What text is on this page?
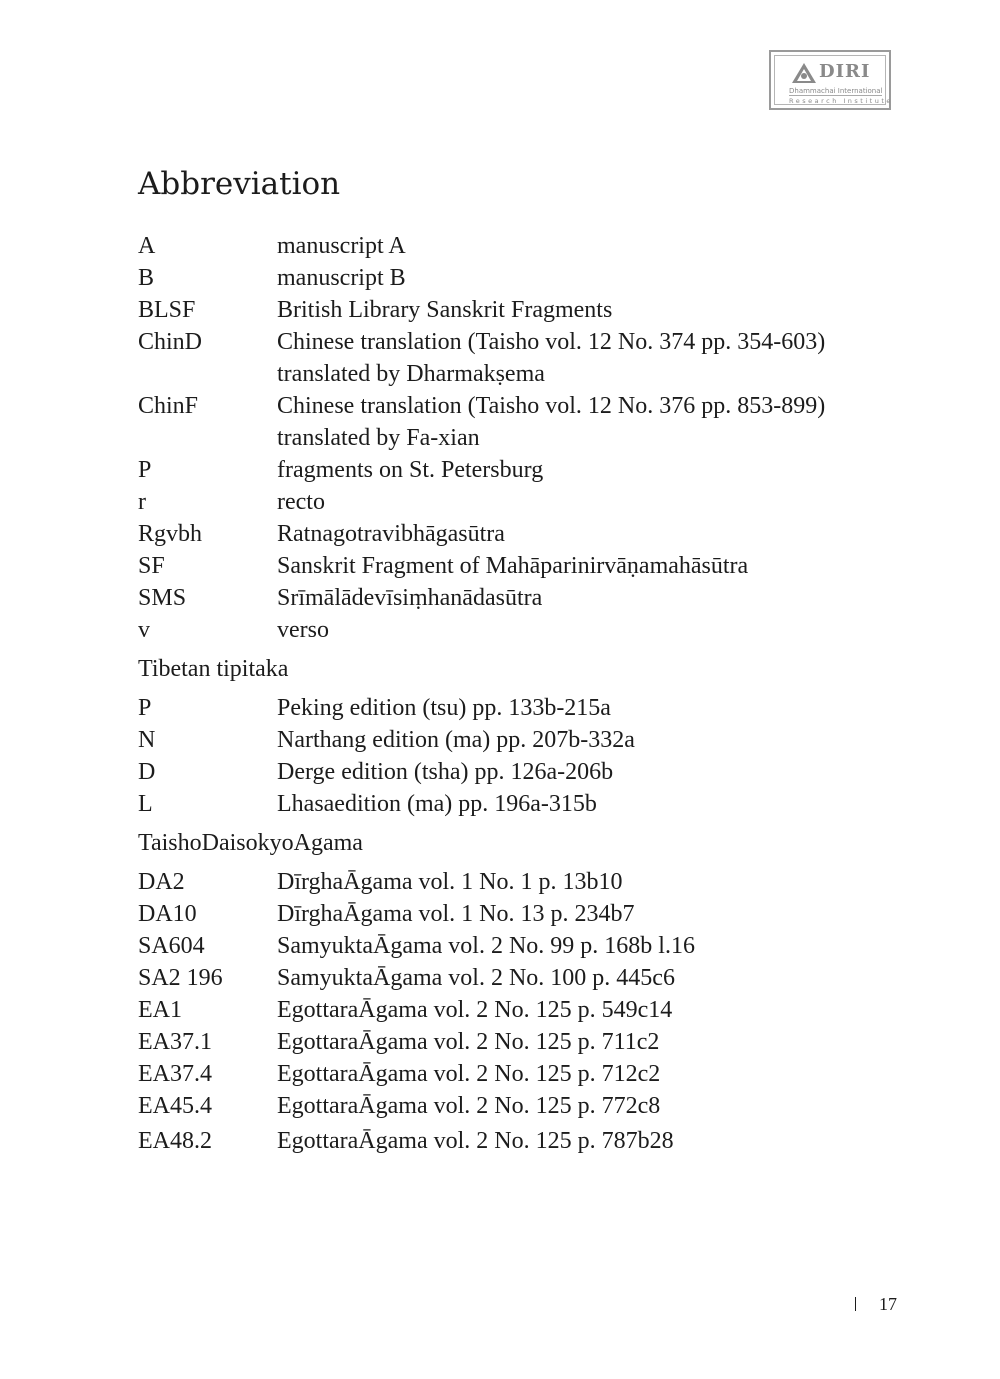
DIRI
Dhammachai International
Research Institute
Abbreviation
A	manuscript A
B	manuscript B
BLSF	British Library Sanskrit Fragments
ChinD	Chinese translation (Taisho vol. 12 No. 374 pp. 354-603)
translated by Dharmakṣema
ChinF	Chinese translation (Taisho vol. 12 No. 376 pp. 853-899)
translated by Fa-xian
P	fragments on St. Petersburg
r	recto
Rgvbh	Ratnagotravibhāgasūtra
SF	Sanskrit Fragment of Mahāparinirvāṇamahāsūtra
SMS	Srīmālādevīsiṃhanādasūtra
v	verso
Tibetan tipitaka
P	Peking edition (tsu) pp. 133b-215a
N	Narthang edition (ma) pp. 207b-332a
D	Derge edition (tsha) pp. 126a-206b
L	Lhasaedition (ma) pp. 196a-315b
TaishoDaisokyoAgama
DA2	DīrghaĀgama vol. 1 No. 1 p. 13b10
DA10	DīrghaĀgama vol. 1 No. 13 p. 234b7
SA604	SamyuktaĀgama vol. 2 No. 99 p. 168b l.16
SA2 196	SamyuktaĀgama vol. 2 No. 100 p. 445c6
EA1	EgottaraĀgama vol. 2 No. 125 p. 549c14
EA37.1	EgottaraĀgama vol. 2 No. 125 p. 711c2
EA37.4	EgottaraĀgama vol. 2 No. 125 p. 712c2
EA45.4	EgottaraĀgama vol. 2 No. 125 p. 772c8
EA48.2	EgottaraĀgama vol. 2 No. 125 p. 787b28
17
